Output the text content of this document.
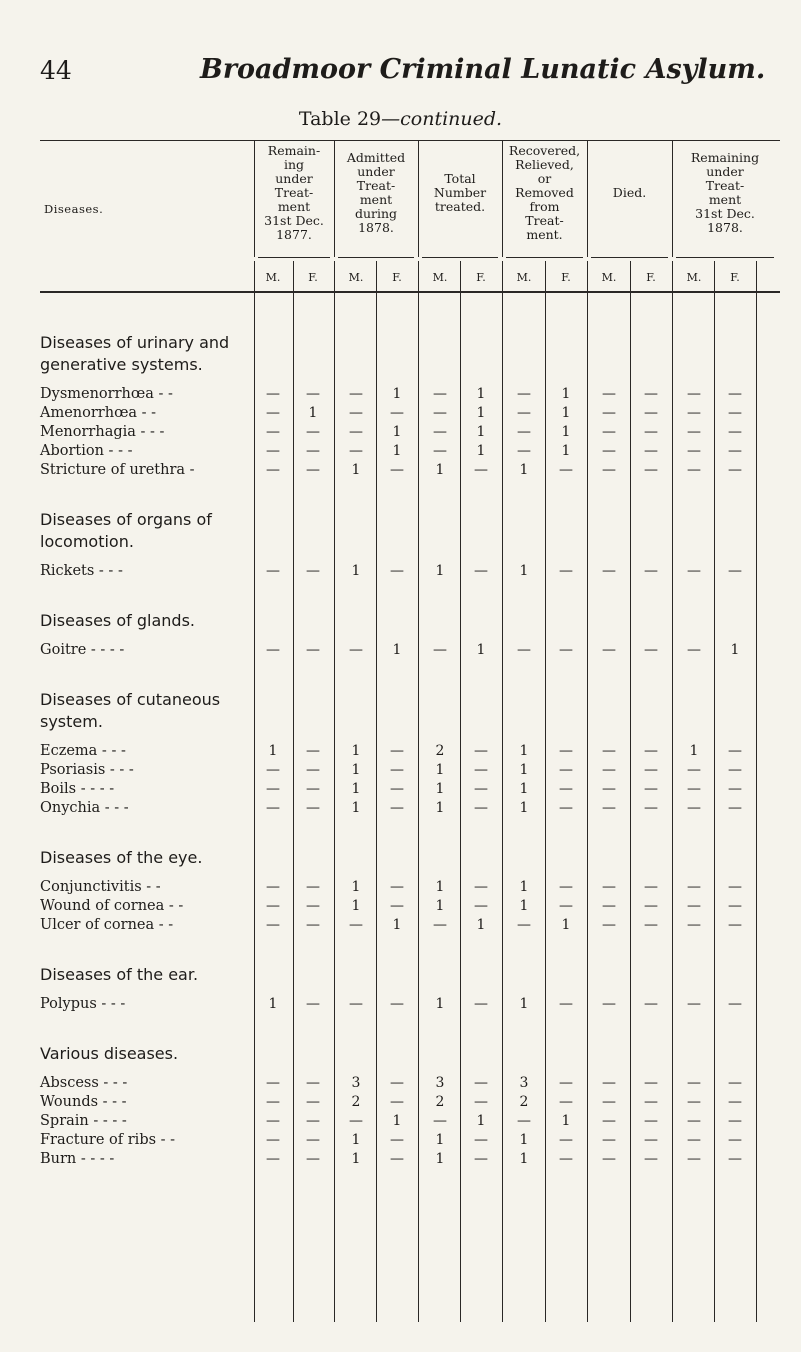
44	Broadmoor Criminal Lunatic Asylum.
Table 29—continued.
Diseases.
Remain-
ing
under
Treat-
ment
31st Dec.
1877.
Admitted
under
Treat-
ment
during
1878.
Total
Number
treated.
Recovered,
Relieved,
or
Removed
from
Treat-
ment.
Died.
Remaining
under
Treat-
ment
31st Dec.
1878.
M.	F.	M.	F.	M.	F.	M.	F.	M.	F.	M.	F.
Diseases of urinary and
generative systems.
Dysmenorrhœa - -	—	—	—	1	—	1	—	1	—	—	—	—
Amenorrhœa - -	—	1	—	—	—	1	—	1	—	—	—	—
Menorrhagia - - -	—	—	—	1	—	1	—	1	—	—	—	—
Abortion - - -	—	—	—	1	—	1	—	1	—	—	—	—
Stricture of urethra -	—	—	1	—	1	—	1	—	—	—	—	—
Diseases of organs of
locomotion.
Rickets - - -	—	—	1	—	1	—	1	—	—	—	—	—
Diseases of glands.
Goitre - - - -	—	—	—	1	—	1	—	—	—	—	—	1
Diseases of cutaneous
system.
Eczema - - -	1	—	1	—	2	—	1	—	—	—	1	—
Psoriasis - - -	—	—	1	—	1	—	1	—	—	—	—	—
Boils - - - -	—	—	1	—	1	—	1	—	—	—	—	—
Onychia - - -	—	—	1	—	1	—	1	—	—	—	—	—
Diseases of the eye.
Conjunctivitis - -	—	—	1	—	1	—	1	—	—	—	—	—
Wound of cornea - -	—	—	1	—	1	—	1	—	—	—	—	—
Ulcer of cornea - -	—	—	—	1	—	1	—	1	—	—	—	—
Diseases of the ear.
Polypus - - -	1	—	—	—	1	—	1	—	—	—	—	—
Various diseases.
Abscess - - -	—	—	3	—	3	—	3	—	—	—	—	—
Wounds - - -	—	—	2	—	2	—	2	—	—	—	—	—
Sprain - - - -	—	—	—	1	—	1	—	1	—	—	—	—
Fracture of ribs - -	—	—	1	—	1	—	1	—	—	—	—	—
Burn - - - -	—	—	1	—	1	—	1	—	—	—	—	—
